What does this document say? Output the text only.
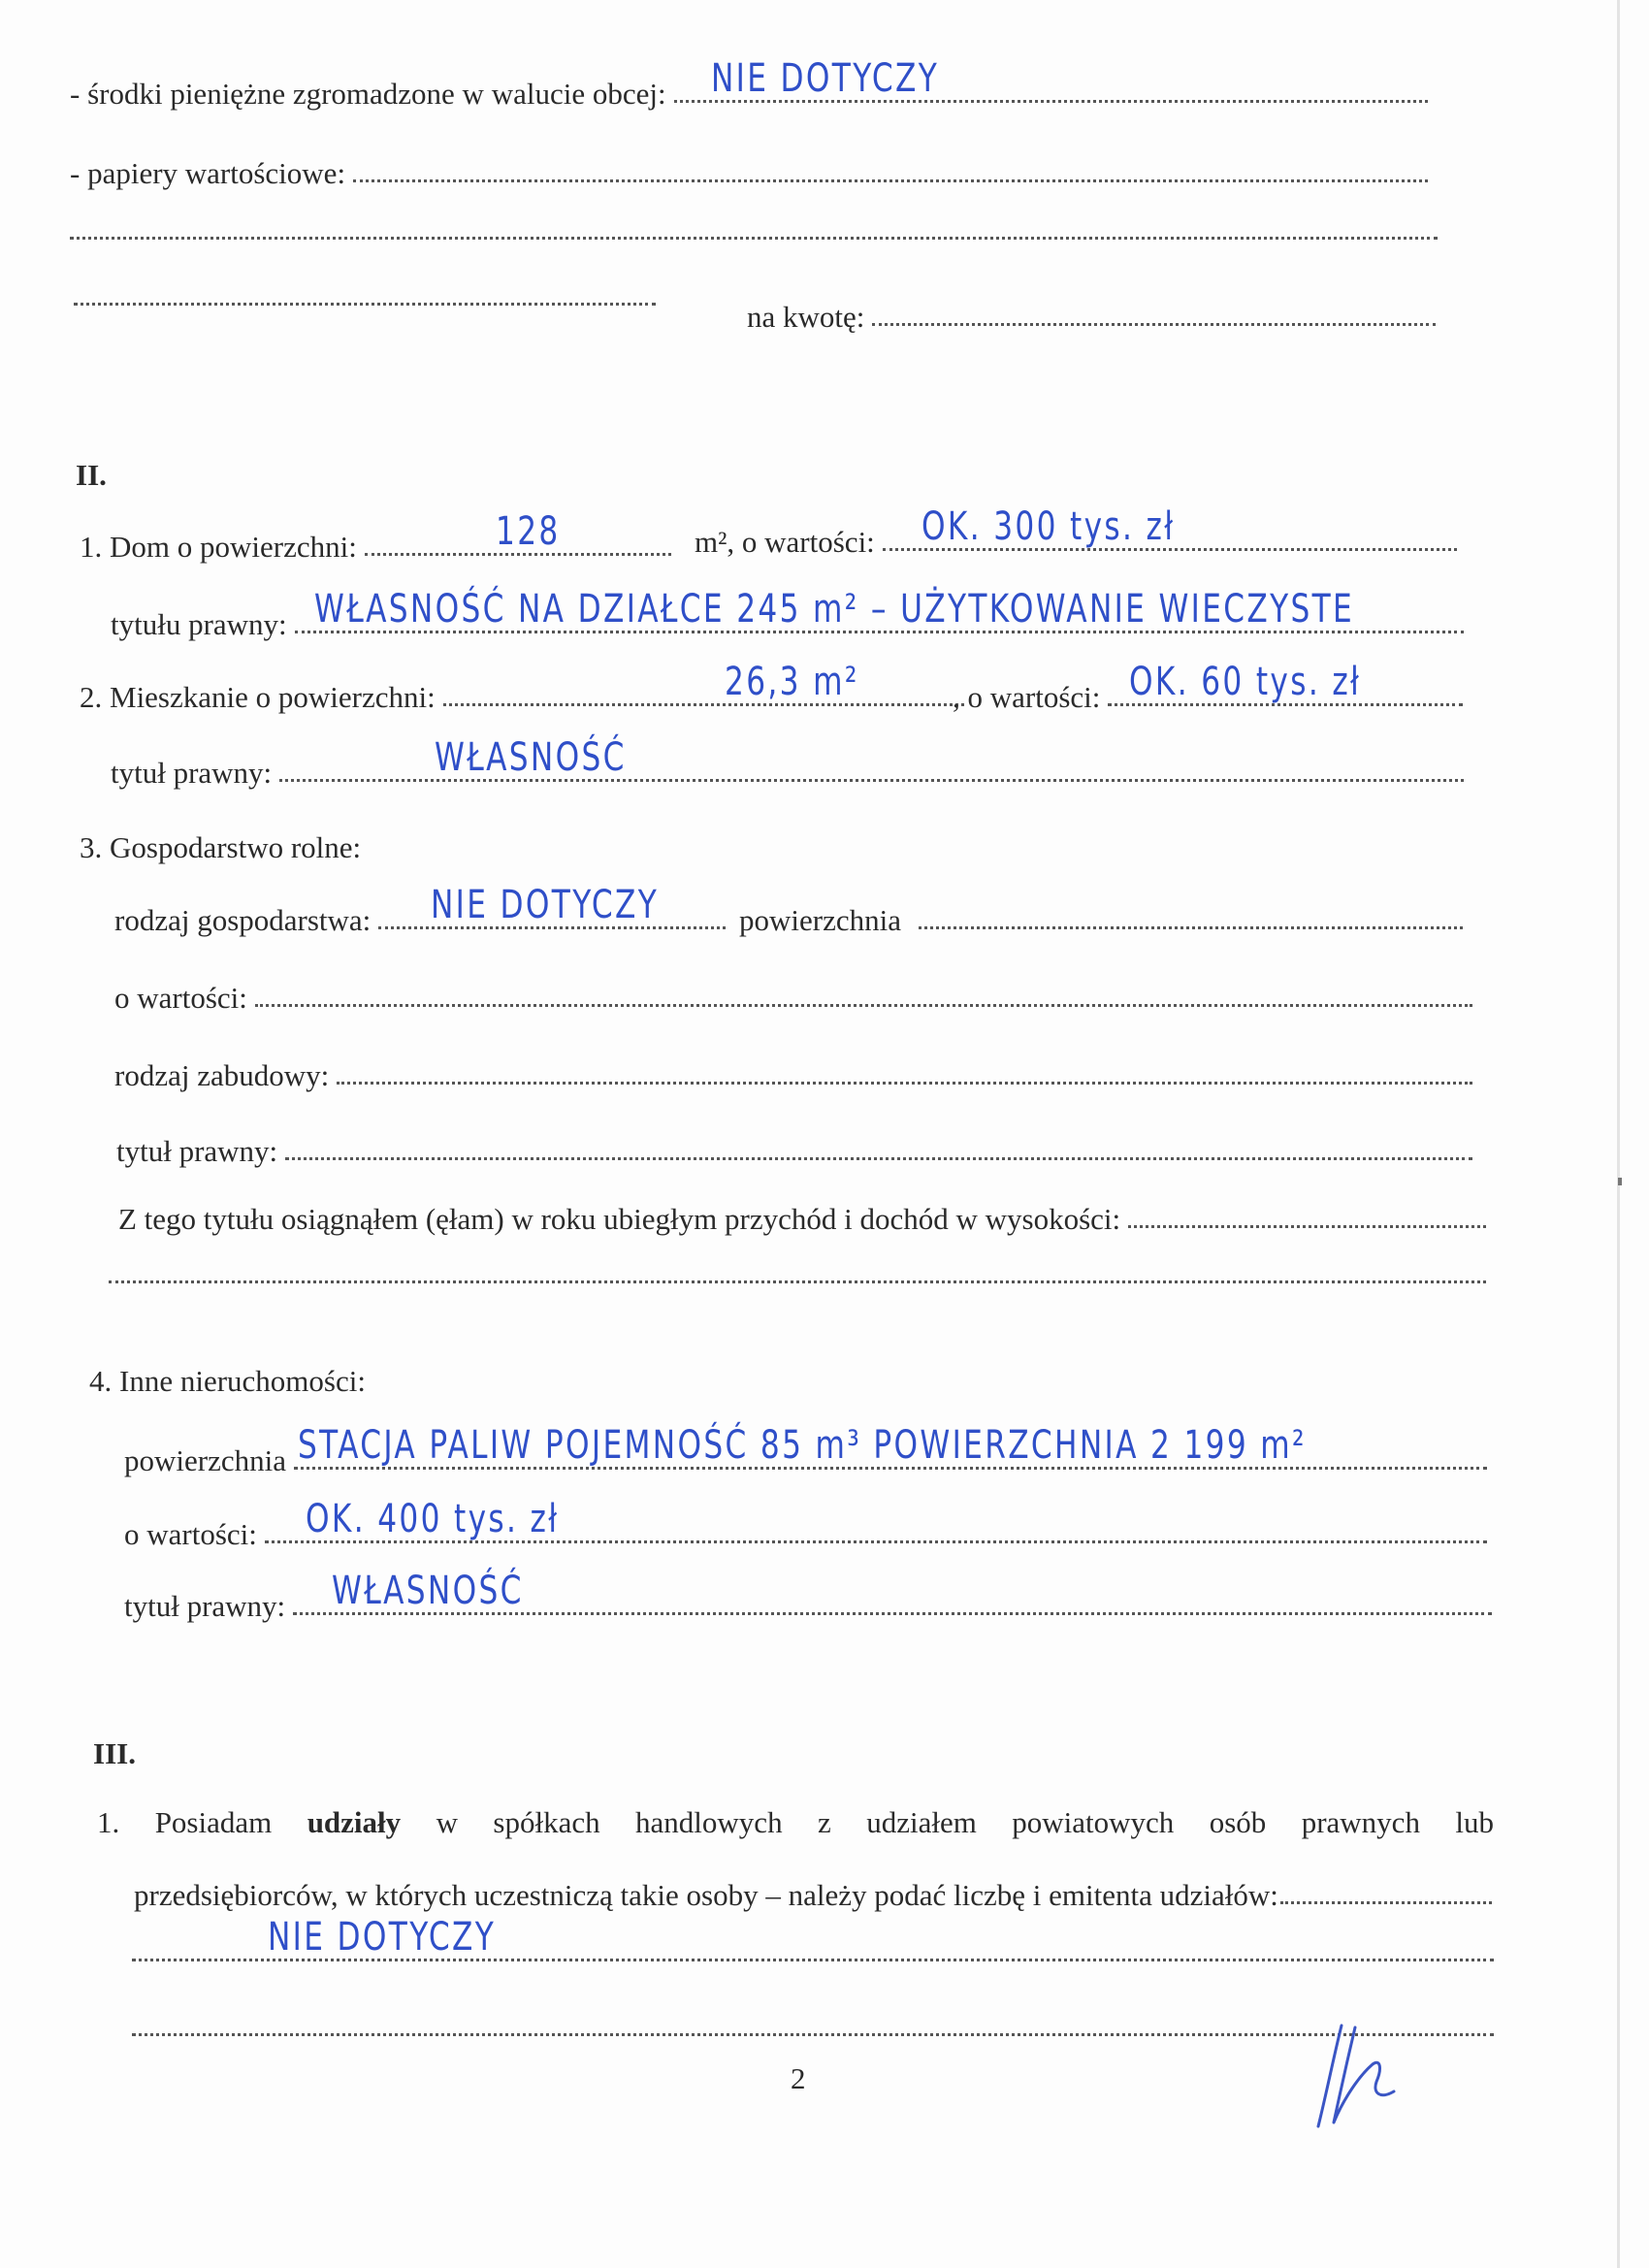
- środki pieniężne zgromadzone w walucie obcej: NIE DOTYCZY
- papiery wartościowe:
na kwotę:
II.
1. Dom o powierzchni:	128	m², o wartości: OK. 300 tys. zł
tytułu prawny: WŁASNOŚĆ NA DZIAŁCE 245 m² – UŻYTKOWANIE WIECZYSTE
2. Mieszkanie o powierzchni:	26,3 m²	, o wartości: OK. 60 tys. zł
tytuł prawny:	WŁASNOŚĆ
3. Gospodarstwo rolne:
rodzaj gospodarstwa: NIE DOTYCZY	powierzchnia
o wartości:
rodzaj zabudowy:
tytuł prawny:
Z tego tytułu osiągnąłem (ęłam) w roku ubiegłym przychód i dochód w wysokości:
4. Inne nieruchomości:
powierzchnia STACJA PALIW POJEMNOŚĆ 85 m³ POWIERZCHNIA 2 199 m²
o wartości: OK. 400 tys. zł
tytuł prawny: WŁASNOŚĆ
III.
1. Posiadam udziały w spółkach handlowych z udziałem powiatowych osób prawnych lub
przedsiębiorców, w których uczestniczą takie osoby – należy podać liczbę i emitenta udziałów:
NIE DOTYCZY
2
